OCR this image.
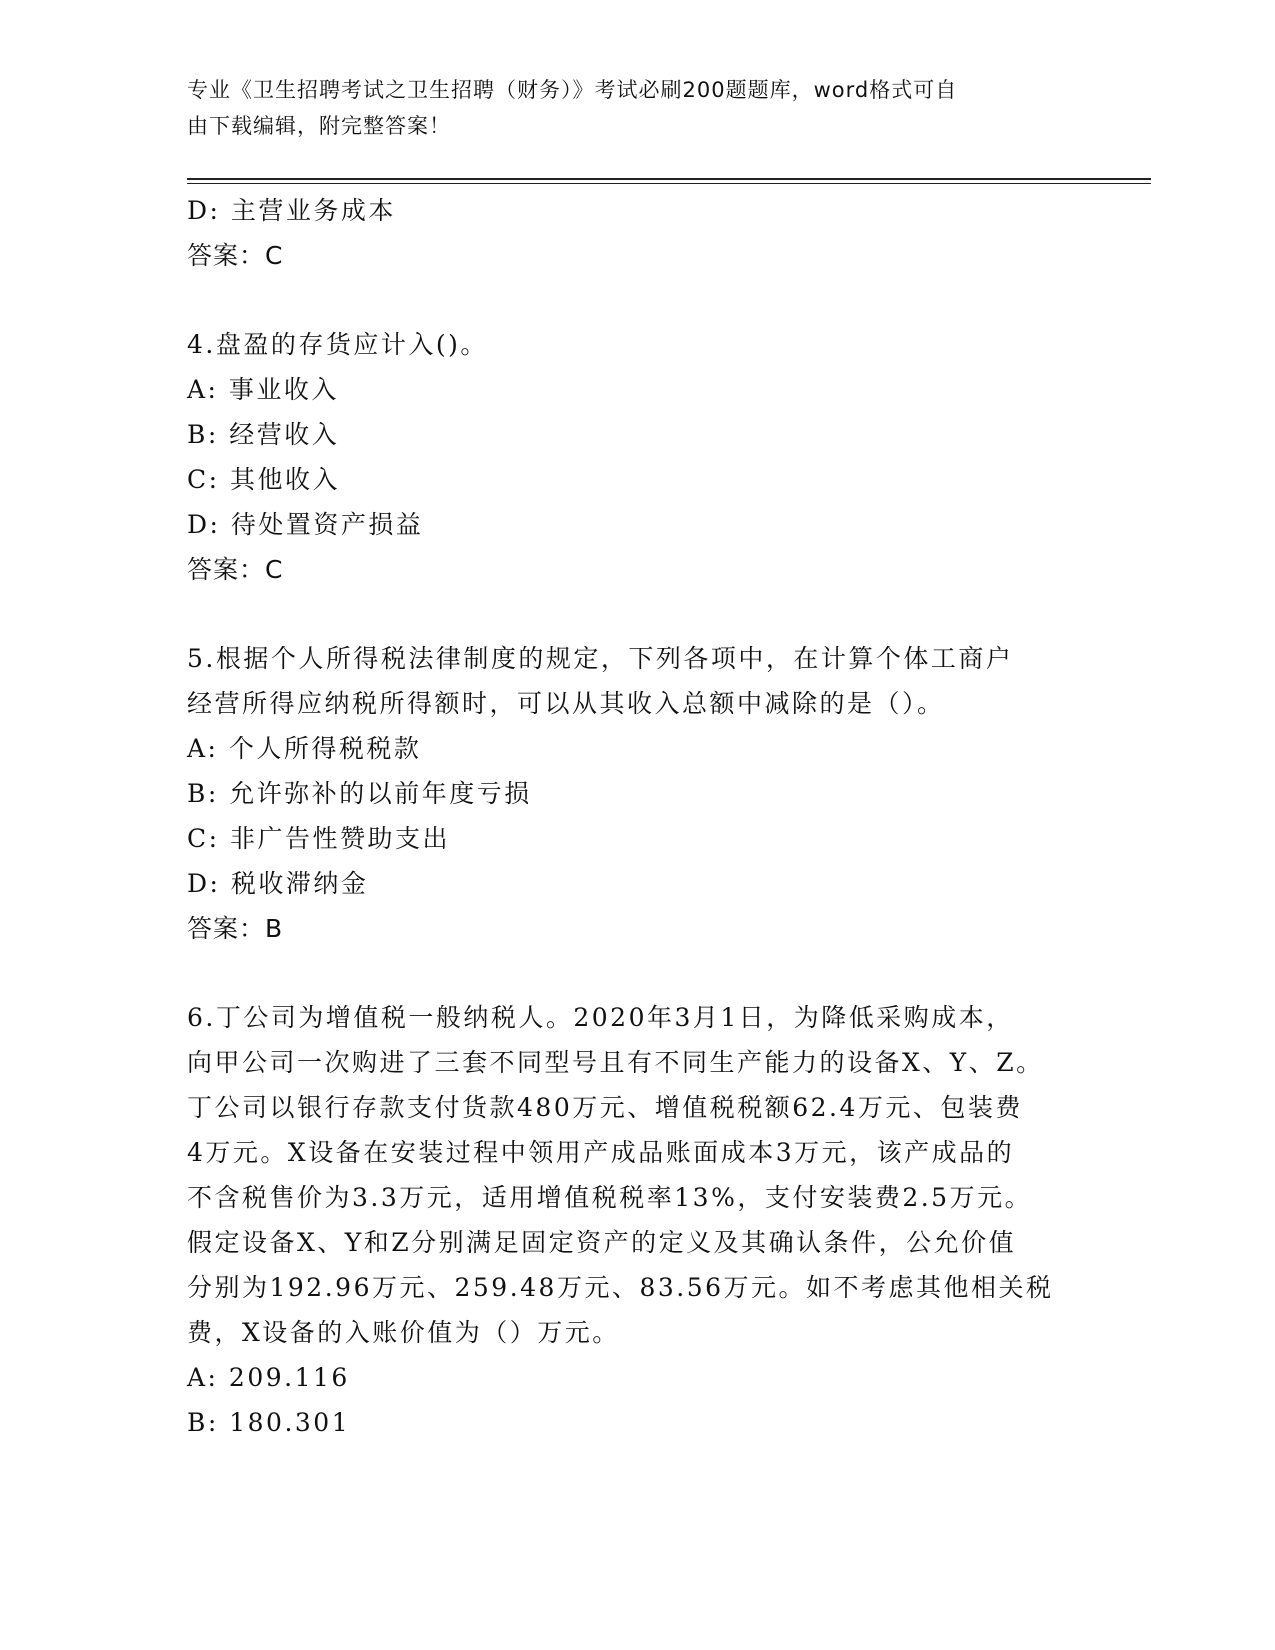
专业《卫生招聘考试之卫生招聘（财务）》考试必刷200题题库，word格式可自
由下载编辑，附完整答案！

D: 主营业务成本

答案：C

4.盘盈的存货应计入()。

A: 事业收入

B: 经营收入

C: 其他收入

D: 待处置资产损益

答案：C

5.根据个人所得税法律制度的规定，下列各项中，在计算个体工商户

经营所得应纳税所得额时，可以从其收入总额中减除的是（）。

A: 个人所得税税款

B: 允许弥补的以前年度亏损

C: 非广告性赞助支出

D: 税收滞纳金

答案：B

6.丁公司为增值税一般纳税人。2020年3月1日，为降低采购成本，

向甲公司一次购进了三套不同型号且有不同生产能力的设备X、Y、Z。

丁公司以银行存款支付货款480万元、增值税税额62.4万元、包装费

4万元。X设备在安装过程中领用产成品账面成本3万元，该产成品的

不含税售价为3.3万元，适用增值税税率13%，支付安装费2.5万元。

假定设备X、Y和Z分别满足固定资产的定义及其确认条件，公允价值

分别为192.96万元、259.48万元、83.56万元。如不考虑其他相关税

费，X设备的入账价值为（）万元。

A: 209.116

B: 180.301
